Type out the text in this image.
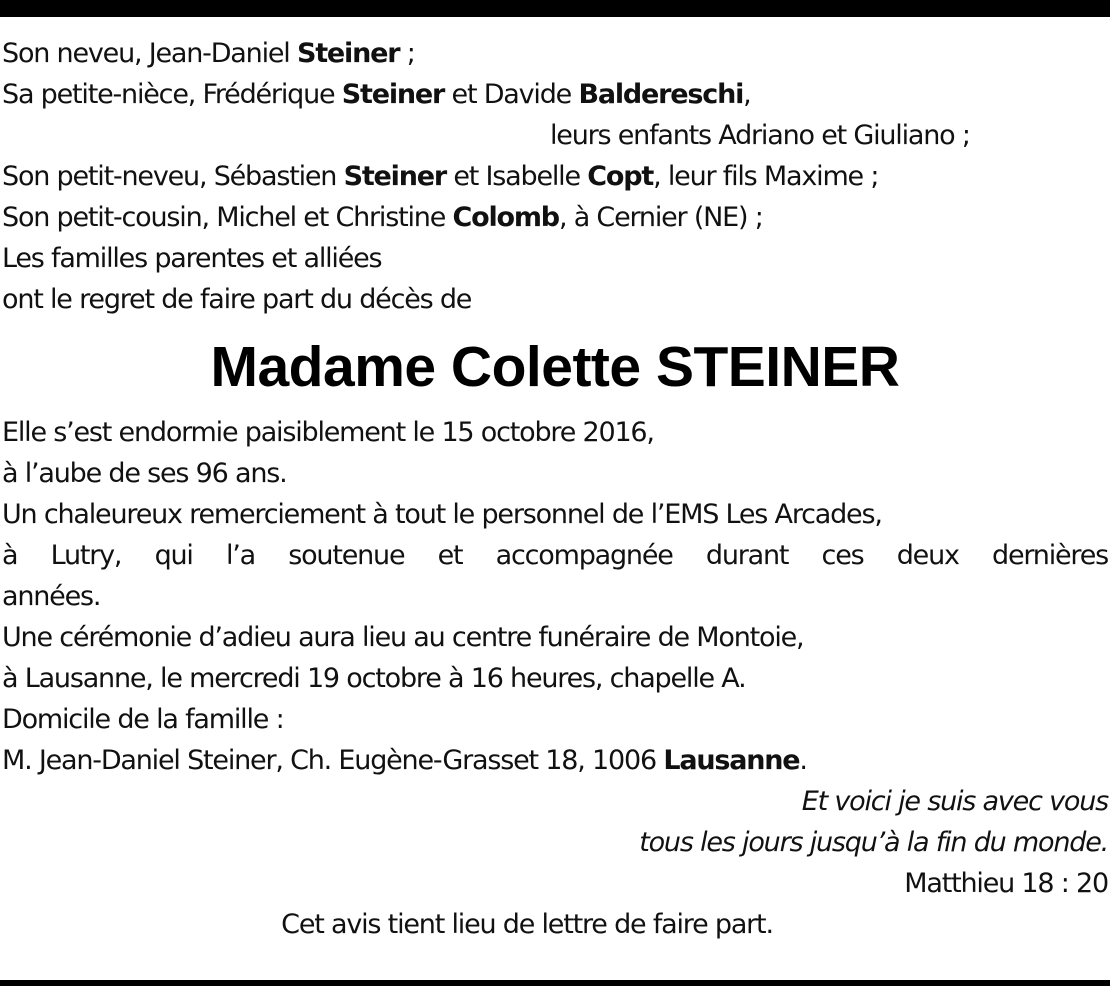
Son neveu, Jean-Daniel Steiner ;
Sa petite-nièce, Frédérique Steiner et Davide Baldereschi,
leurs enfants Adriano et Giuliano ;
Son petit-neveu, Sébastien Steiner et Isabelle Copt, leur fils Maxime ;
Son petit-cousin, Michel et Christine Colomb, à Cernier (NE) ;
Les familles parentes et alliées
ont le regret de faire part du décès de
Madame Colette STEINER
Elle s’est endormie paisiblement le 15 octobre 2016,
à l’aube de ses 96 ans.
Un chaleureux remerciement à tout le personnel de l’EMS Les Arcades,
à Lutry, qui l’a soutenue et accompagnée durant ces deux dernières
années.
Une cérémonie d’adieu aura lieu au centre funéraire de Montoie,
à Lausanne, le mercredi 19 octobre à 16 heures, chapelle A.
Domicile de la famille :
M. Jean-Daniel Steiner, Ch. Eugène-Grasset 18, 1006 Lausanne.
Et voici je suis avec vous
tous les jours jusqu’à la fin du monde.
Matthieu 18 : 20
Cet avis tient lieu de lettre de faire part.
